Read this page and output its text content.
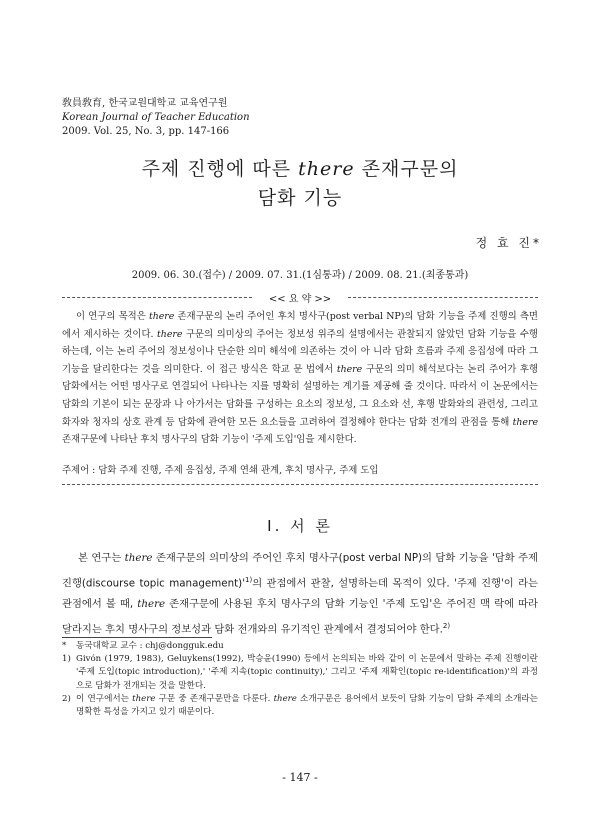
敎員敎育, 한국교원대학교 교육연구원
Korean Journal of Teacher Education
2009. Vol. 25, No. 3, pp. 147-166
주제 진행에 따른 there 존재구문의
담화 기능
정 효 진*
2009. 06. 30.(접수) / 2009. 07. 31.(1심통과) / 2009. 08. 21.(최종통과)
<< 요 약 >>

이 연구의 목적은 there 존재구문의 논리 주어인 후치 명사구(post verbal NP)의 담화 기능을 주제 진행의 측면에서 제시하는 것이다. there 구문의 의미상의 주어는 정보성 위주의 설명에서는 관찰되지 않았던 담화 기능을 수행하는데, 이는 논리 주어의 정보성이나 단순한 의미 해석에 의존하는 것이 아 니라 담화 흐름과 주제 응집성에 따라 그 기능을 달리한다는 것을 의미한다. 이 접근 방식은 학교 문 법에서 there 구문의 의미 해석보다는 논리 주어가 후행 담화에서는 어떤 명사구로 연결되어 나타나는 지를 명확히 설명하는 계기를 제공해 줄 것이다. 따라서 이 논문에서는 담화의 기본이 되는 문장과 나 아가서는 담화를 구성하는 요소의 정보성, 그 요소와 선, 후행 발화와의 관련성, 그리고 화자와 청자의 상호 관계 등 담화에 관여한 모든 요소들을 고려하여 결정해야 한다는 담화 전개의 관점을 통해 there 존재구문에 나타난 후치 명사구의 담화 기능이 '주제 도입'임을 제시한다.

주제어 : 담화 주제 진행, 주제 응집성, 주제 연쇄 관계, 후치 명사구, 주제 도입
Ⅰ. 서 론

본 연구는 there 존재구문의 의미상의 주어인 후치 명사구(post verbal NP)의 담화 기능을 '담화 주제 진행(discourse topic $management)'^{1)}$의 관점에서 관찰, 설명하는데 목적이 있다. '주제 진행'이 라는 관점에서 볼 때, there 존재구문에 사용된 후치 명사구의 담화 기능인 '주제 도입'은 주어진 맥 락에 따라 달라지는 후치 명사구의 정보성과 담화 전개와의 유기적인 관계에서 결정되어야 한다.$^{2)}$

* 동국대학교 교수 : chj@dongguk.edu
1) Givón (1979, 1983), Geluykens(1992), 박승윤(1990) 등에서 논의되는 바와 같이 이 논문에서 말하는 주제 진행이란 '주제 도입(topic introduction),' '주제 지속(topic continuity),' 그리고 '주제 재확인(topic re-identification)'의 과정으로 담화가 전개되는 것을 말한다.
2) 이 연구에서는 there 구문 중 존재구문만을 다룬다. there 소개구문은 용어에서 보듯이 담화 기능이 담화 주제의 소개라는 명확한 특성을 가지고 있기 때문이다.
- 147 -
